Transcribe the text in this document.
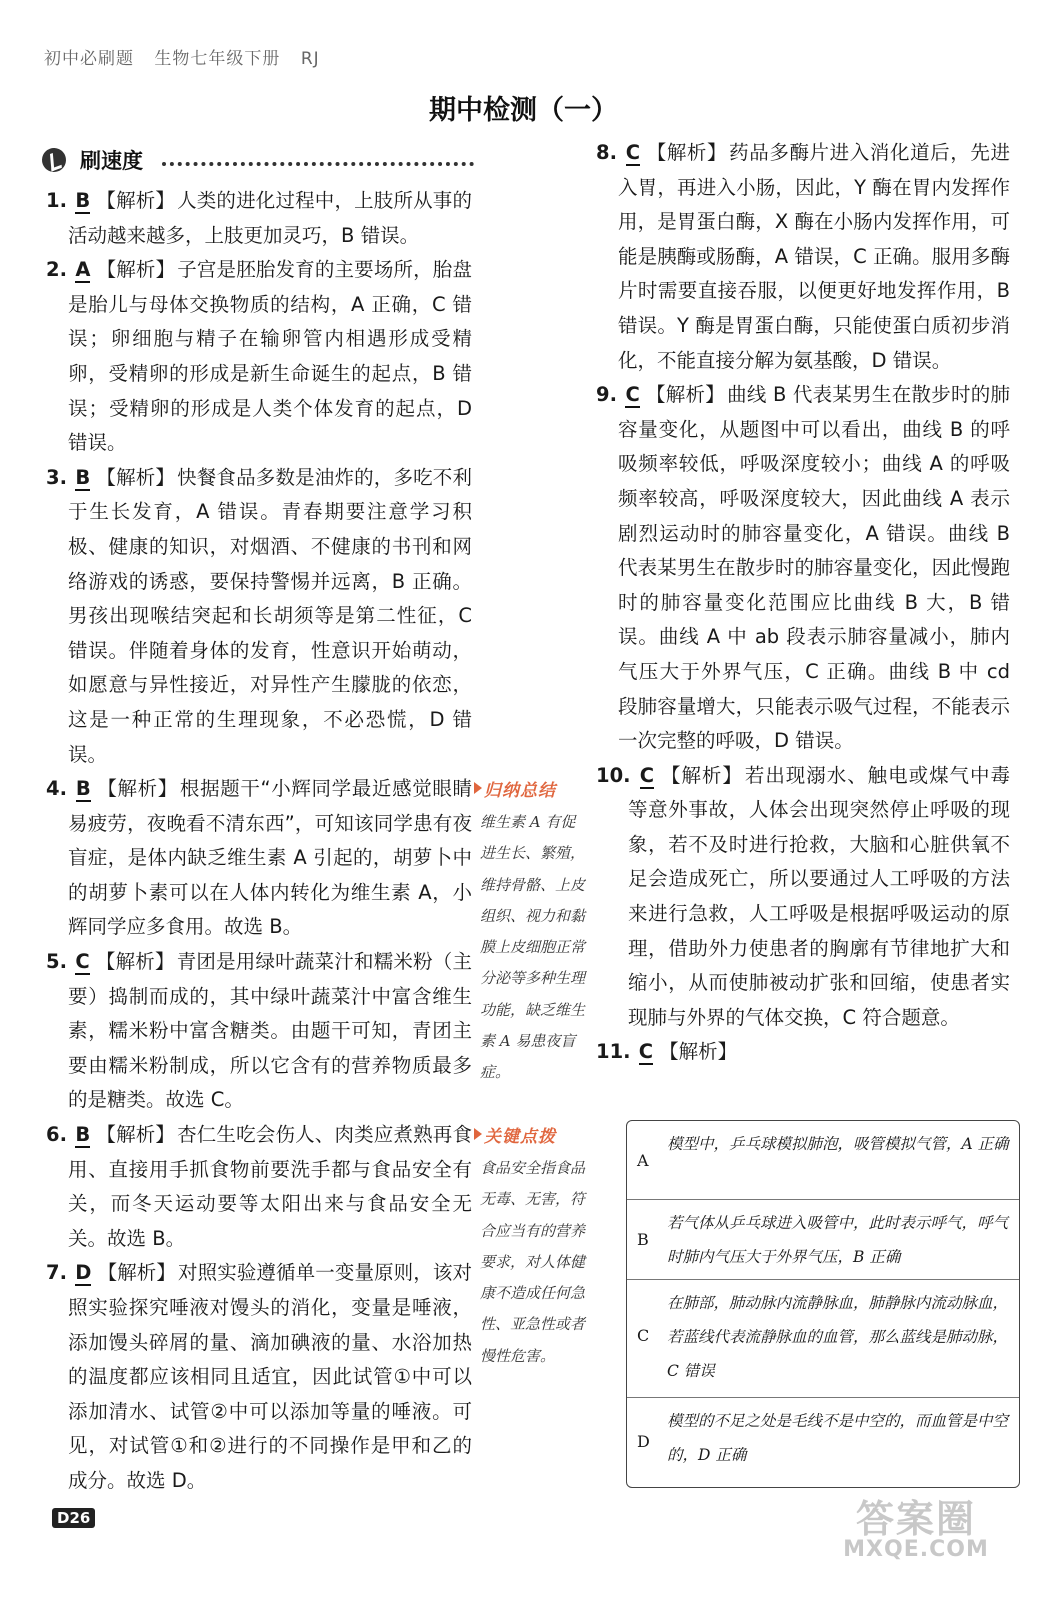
初中必刷题 生物七年级下册 RJ
期中检测（一）
刷速度

1. B 【解析】 人类的进化过程中，上肢所从事的活动越来越多，上肢更加灵巧，B 错误。

2. A 【解析】 子宫是胚胎发育的主要场所，胎盘是胎儿与母体交换物质的结构，A 正确，C 错误；卵细胞与精子在输卵管内相遇形成受精卵，受精卵的形成是新生命诞生的起点，B 错误；受精卵的形成是人类个体发育的起点，D 错误。

3. B 【解析】 快餐食品多数是油炸的，多吃不利于生长发育，A 错误。青春期要注意学习积极、健康的知识，对烟酒、不健康的书刊和网络游戏的诱惑，要保持警惕并远离，B 正确。男孩出现喉结突起和长胡须等是第二性征，C 错误。伴随着身体的发育，性意识开始萌动，如愿意与异性接近，对异性产生朦胧的依恋，这是一种正常的生理现象，不必恐慌，D 错误。

4. B 【解析】 根据题干“小辉同学最近感觉眼睛易疲劳，夜晚看不清东西”，可知该同学患有夜盲症，是体内缺乏维生素 A 引起的，胡萝卜中的胡萝卜素可以在人体内转化为维生素 A，小辉同学应多食用。故选 B。

5. C 【解析】 青团是用绿叶蔬菜汁和糯米粉（主要）捣制而成的，其中绿叶蔬菜汁中富含维生素，糯米粉中富含糖类。由题干可知，青团主要由糯米粉制成，所以它含有的营养物质最多的是糖类。故选 C。

6. B 【解析】 杏仁生吃会伤人、肉类应煮熟再食用、直接用手抓食物前要洗手都与食品安全有关，而冬天运动要等太阳出来与食品安全无关。故选 B。

7. D 【解析】 对照实验遵循单一变量原则，该对照实验探究唾液对馒头的消化，变量是唾液，添加馒头碎屑的量、滴加碘液的量、水浴加热的温度都应该相同且适宜，因此试管①中可以添加清水、试管②中可以添加等量的唾液。可见，对试管①和②进行的不同操作是甲和乙的成分。故选 D。

归纳总结
维生素 A 有促进生长、繁殖，维持骨骼、上皮组织、视力和黏膜上皮细胞正常分泌等多种生理功能，缺乏维生素 A 易患夜盲症。
关键点拨
食品安全指食品无毒、无害，符合应当有的营养要求，对人体健康不造成任何急性、亚急性或者慢性危害。

8. C 【解析】 药品多酶片进入消化道后，先进入胃，再进入小肠，因此，Y 酶在胃内发挥作用，是胃蛋白酶，X 酶在小肠内发挥作用，可能是胰酶或肠酶，A 错误，C 正确。服用多酶片时需要直接吞服，以便更好地发挥作用，B 错误。Y 酶是胃蛋白酶，只能使蛋白质初步消化，不能直接分解为氨基酸，D 错误。

9. C 【解析】 曲线 B 代表某男生在散步时的肺容量变化，从题图中可以看出，曲线 B 的呼吸频率较低，呼吸深度较小；曲线 A 的呼吸频率较高，呼吸深度较大，因此曲线 A 表示剧烈运动时的肺容量变化，A 错误。曲线 B 代表某男生在散步时的肺容量变化，因此慢跑时的肺容量变化范围应比曲线 B 大，B 错误。曲线 A 中 ab 段表示肺容量减小，肺内气压大于外界气压，C 正确。曲线 B 中 cd 段肺容量增大，只能表示吸气过程，不能表示一次完整的呼吸，D 错误。

10. C 【解析】 若出现溺水、触电或煤气中毒等意外事故，人体会出现突然停止呼吸的现象，若不及时进行抢救，大脑和心脏供氧不足会造成死亡，所以要通过人工呼吸的方法来进行急救，人工呼吸是根据呼吸运动的原理，借助外力使患者的胸廓有节律地扩大和缩小，从而使肺被动扩张和回缩，使患者实现肺与外界的气体交换，C 符合题意。

11. C 【解析】

A
模型中，乒乓球模拟肺泡，吸管模拟气管，A 正确
B
若气体从乒乓球进入吸管中，此时表示呼气，呼气时肺内气压大于外界气压，B 正确
C
在肺部，肺动脉内流静脉血，肺静脉内流动脉血，若蓝线代表流静脉血的血管，那么蓝线是肺动脉，C 错误
D
模型的不足之处是毛线不是中空的，而血管是中空的，D 正确
D26	答案圈
MXQE.COM
